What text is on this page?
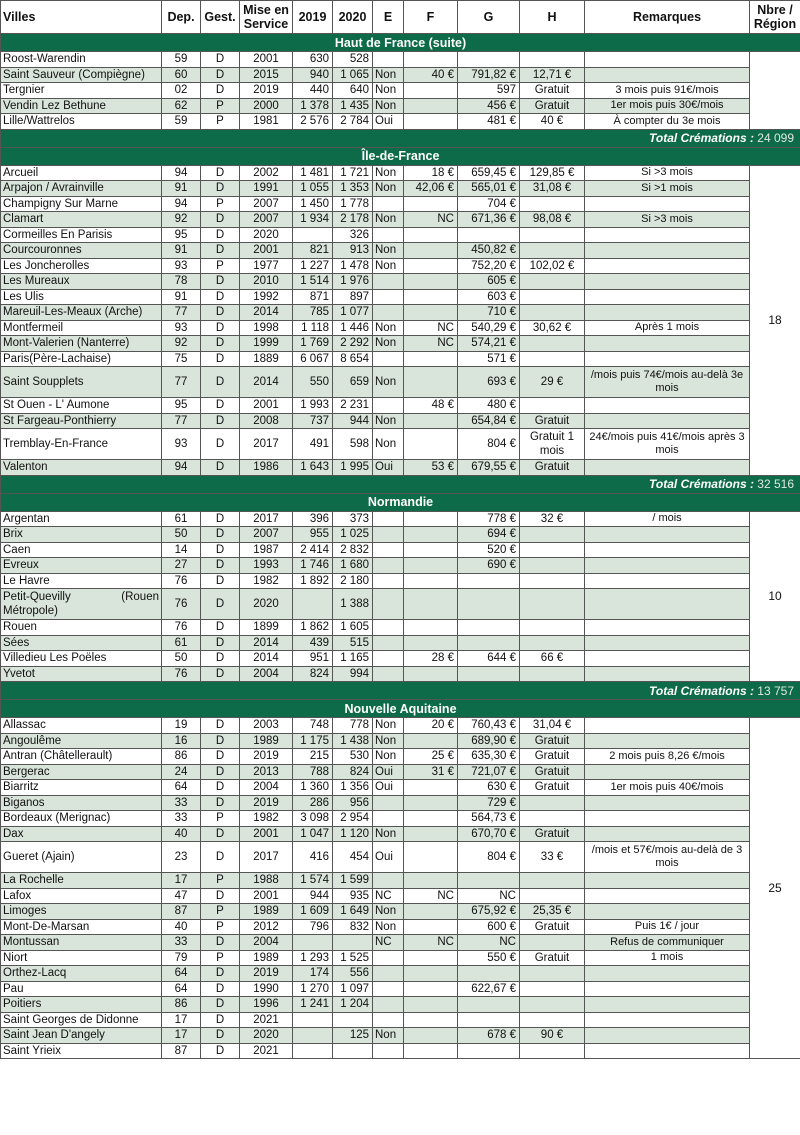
Villes	Dep.	Gest.	Mise en Service	2019	2020	E	F	G	H	Remarques	Nbre / Région
Haut de France (suite)											
Roost-Warendin	59	D	2001	630	528						
Saint Sauveur (Compiègne)	60	D	2015	940	1 065	Non	40 €	791,82 €	12,71 €		
Tergnier	02	D	2019	440	640	Non		597	Gratuit	3 mois puis 91€/mois	
Vendin Lez Bethune	62	P	2000	1 378	1 435	Non		456 €	Gratuit	1er mois puis 30€/mois	
Lille/Wattrelos	59	P	1981	2 576	2 784	Oui		481 €	40 €	À compter du 3e mois	
Total Crémations : 24 099											
Île-de-France											
Arcueil	94	D	2002	1 481	1 721	Non	18 €	659,45 €	129,85 €	Si >3 mois	18
Arpajon / Avrainville	91	D	1991	1 055	1 353	Non	42,06 €	565,01 €	31,08 €	Si >1 mois	
Champigny Sur Marne	94	P	2007	1 450	1 778			704 €			
Clamart	92	D	2007	1 934	2 178	Non	NC	671,36 €	98,08 €	Si >3 mois	
Cormeilles En Parisis	95	D	2020		326						
Courcouronnes	91	D	2001	821	913	Non		450,82 €			
Les Joncherolles	93	P	1977	1 227	1 478	Non		752,20 €	102,02 €		
Les Mureaux	78	D	2010	1 514	1 976			605 €			
Les Ulis	91	D	1992	871	897			603 €			
Mareuil-Les-Meaux (Arche)	77	D	2014	785	1 077			710 €			
Montfermeil	93	D	1998	1 118	1 446	Non	NC	540,29 €	30,62 €	Après 1 mois	
Mont-Valerien (Nanterre)	92	D	1999	1 769	2 292	Non	NC	574,21 €			
Paris(Père-Lachaise)	75	D	1889	6 067	8 654			571 €			
Saint Soupplets	77	D	2014	550	659	Non		693 €	29 €	/mois puis 74€/mois au-delà 3e mois	
St Ouen - L' Aumone	95	D	2001	1 993	2 231		48 €	480 €			
St Fargeau-Ponthierry	77	D	2008	737	944	Non		654,84 €	Gratuit		
Tremblay-En-France	93	D	2017	491	598	Non		804 €	Gratuit 1 mois	24€/mois puis 41€/mois après 3 mois	
Valenton	94	D	1986	1 643	1 995	Oui	53 €	679,55 €	Gratuit		
Total Crémations : 32 516											
Normandie											
Argentan	61	D	2017	396	373			778 €	32 €	/ mois	10
Brix	50	D	2007	955	1 025			694 €			
Caen	14	D	1987	2 414	2 832			520 €			
Evreux	27	D	1993	1 746	1 680			690 €			
Le Havre	76	D	1982	1 892	2 180						
Petit-Quevilly (Rouen Métropole)	76	D	2020		1 388						
Rouen	76	D	1899	1 862	1 605						
Sées	61	D	2014	439	515						
Villedieu Les Poëles	50	D	2014	951	1 165		28 €	644 €	66 €		
Yvetot	76	D	2004	824	994						
Total Crémations : 13 757											
Nouvelle Aquitaine											
Allassac	19	D	2003	748	778	Non	20 €	760,43 €	31,04 €		25
Angoulême	16	D	1989	1 175	1 438	Non		689,90 €	Gratuit		
Antran (Châtellerault)	86	D	2019	215	530	Non	25 €	635,30 €	Gratuit	2 mois puis 8,26 €/mois	
Bergerac	24	D	2013	788	824	Oui	31 €	721,07 €	Gratuit		
Biarritz	64	D	2004	1 360	1 356	Oui		630 €	Gratuit	1er mois puis 40€/mois	
Biganos	33	D	2019	286	956			729 €			
Bordeaux (Merignac)	33	P	1982	3 098	2 954			564,73 €			
Dax	40	D	2001	1 047	1 120	Non		670,70 €	Gratuit		
Gueret (Ajain)	23	D	2017	416	454	Oui		804 €	33 €	/mois et 57€/mois au-delà de 3 mois	
La Rochelle	17	P	1988	1 574	1 599						
Lafox	47	D	2001	944	935	NC	NC	NC			
Limoges	87	P	1989	1 609	1 649	Non		675,92 €	25,35 €		
Mont-De-Marsan	40	P	2012	796	832	Non		600 €	Gratuit	Puis 1€ / jour	
Montussan	33	D	2004			NC	NC	NC		Refus de communiquer	
Niort	79	P	1989	1 293	1 525			550 €	Gratuit	1 mois	
Orthez-Lacq	64	D	2019	174	556						
Pau	64	D	1990	1 270	1 097			622,67 €			
Poitiers	86	D	1996	1 241	1 204						
Saint Georges de Didonne	17	D	2021								
Saint Jean D'angely	17	D	2020		125	Non		678 €	90 €		
Saint Yrieix	87	D	2021								
